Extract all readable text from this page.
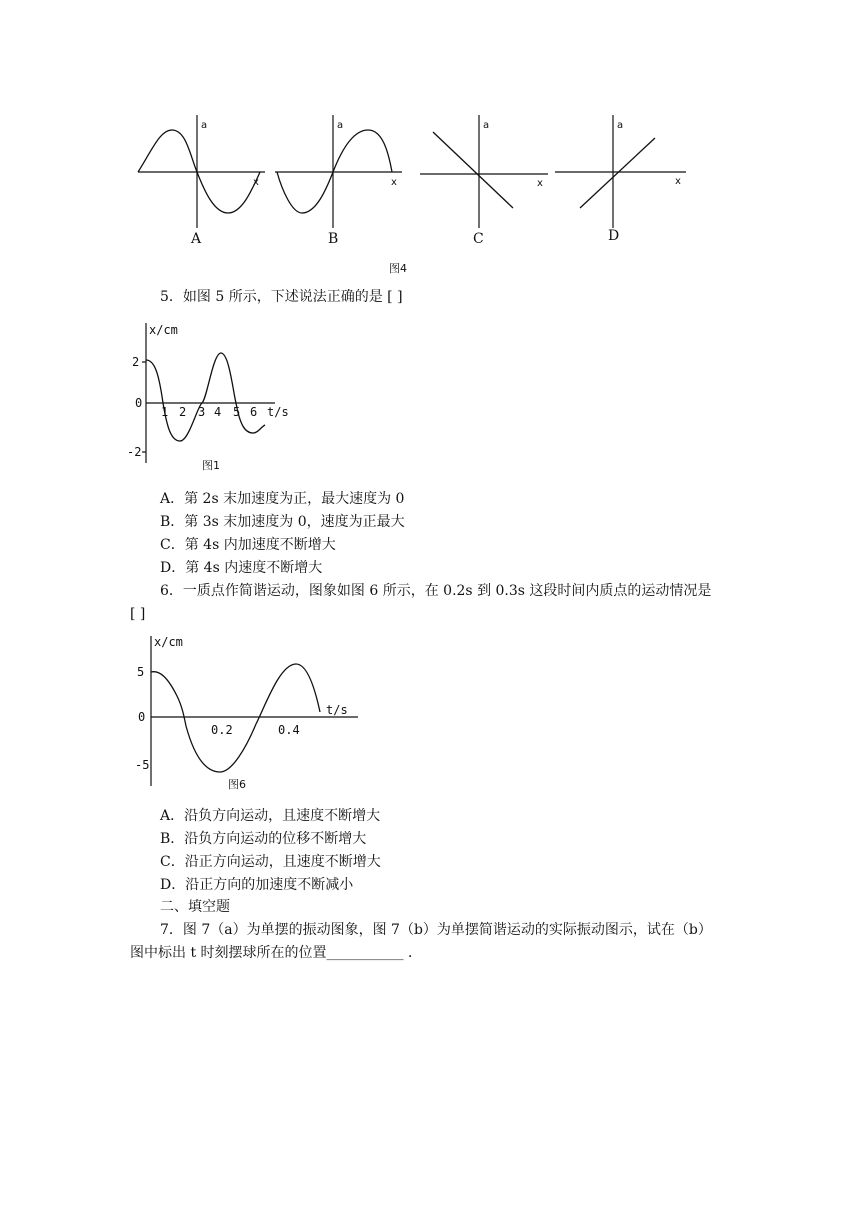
a
x
A
a
x
B
a
x
C
a
x
D
图4
5．如图 5 所示，下述说法正确的是 [ ]
x/cm
2
0
-2
1 2 3 4 5 6 t/s
图1
A．第 2s 末加速度为正，最大速度为 0
B．第 3s 末加速度为 0，速度为正最大
C．第 4s 内加速度不断增大
D．第 4s 内速度不断增大
6．一质点作简谐运动，图象如图 6 所示，在 0.2s 到 0.3s 这段时间内质点的运动情况是
[ ]
x/cm
5
0
-5
0.2	0.4
t/s
图6
A．沿负方向运动，且速度不断增大
B．沿负方向运动的位移不断增大
C．沿正方向运动，且速度不断增大
D．沿正方向的加速度不断减小
二、填空题
7．图 7（a）为单摆的振动图象，图 7（b）为单摆简谐运动的实际振动图示，试在（b）
图中标出 t 时刻摆球所在的位置___________ ．
